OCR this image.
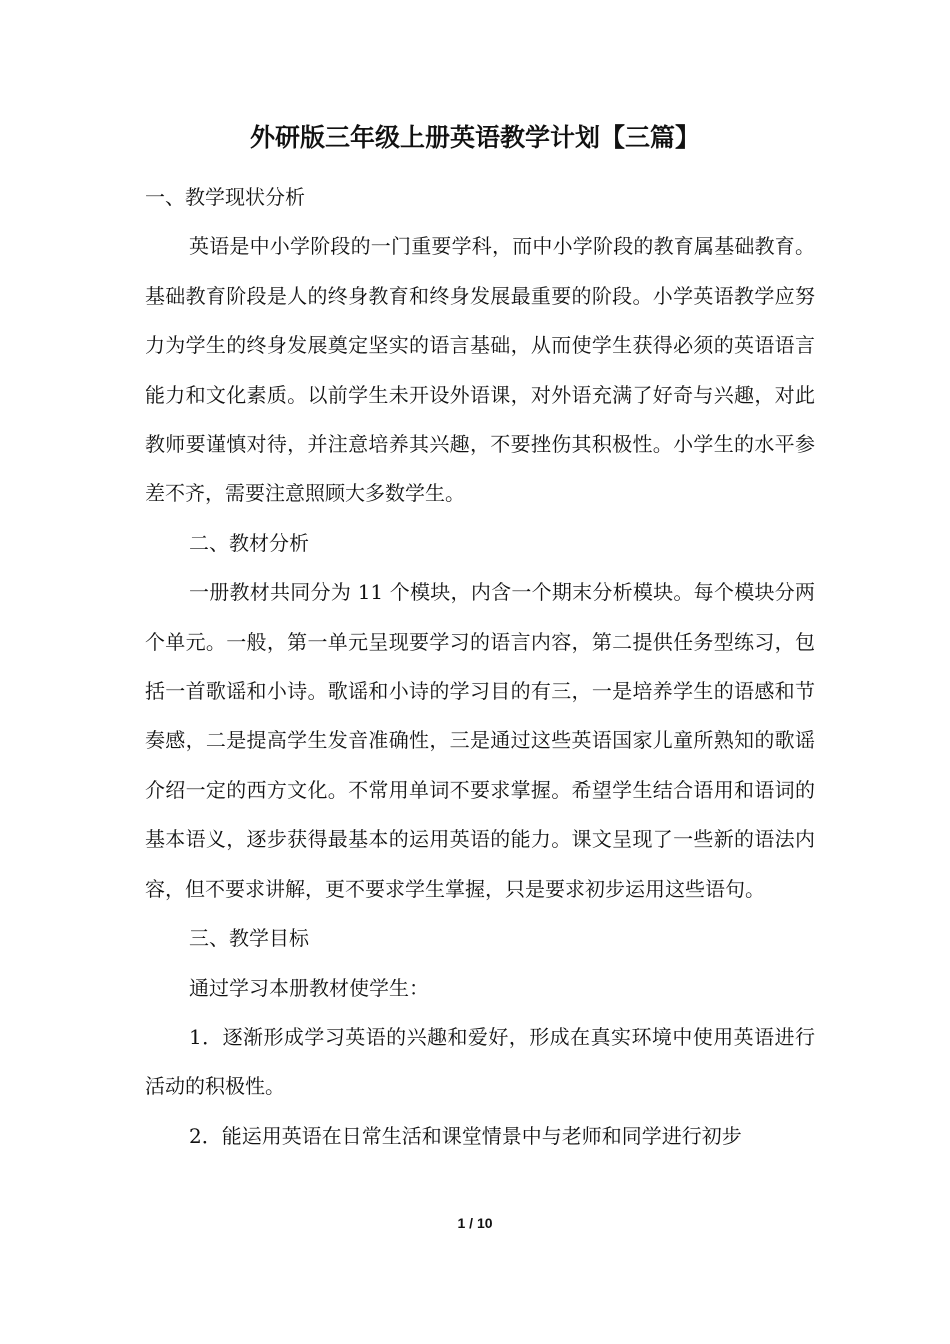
外研版三年级上册英语教学计划【三篇】

一、教学现状分析

英语是中小学阶段的一门重要学科，而中小学阶段的教育属基础教育。基础教育阶段是人的终身教育和终身发展最重要的阶段。小学英语教学应努力为学生的终身发展奠定坚实的语言基础，从而使学生获得必须的英语语言能力和文化素质。以前学生未开设外语课，对外语充满了好奇与兴趣，对此教师要谨慎对待，并注意培养其兴趣，不要挫伤其积极性。小学生的水平参差不齐，需要注意照顾大多数学生。

二、教材分析

一册教材共同分为 11 个模块，内含一个期末分析模块。每个模块分两个单元。一般，第一单元呈现要学习的语言内容，第二提供任务型练习，包括一首歌谣和小诗。歌谣和小诗的学习目的有三，一是培养学生的语感和节奏感，二是提高学生发音准确性，三是通过这些英语国家儿童所熟知的歌谣介绍一定的西方文化。不常用单词不要求掌握。希望学生结合语用和语词的基本语义，逐步获得最基本的运用英语的能力。课文呈现了一些新的语法内容，但不要求讲解，更不要求学生掌握，只是要求初步运用这些语句。

三、教学目标

通过学习本册教材使学生：

1．逐渐形成学习英语的兴趣和爱好，形成在真实环境中使用英语进行活动的积极性。

2．能运用英语在日常生活和课堂情景中与老师和同学进行初步

1 / 10
